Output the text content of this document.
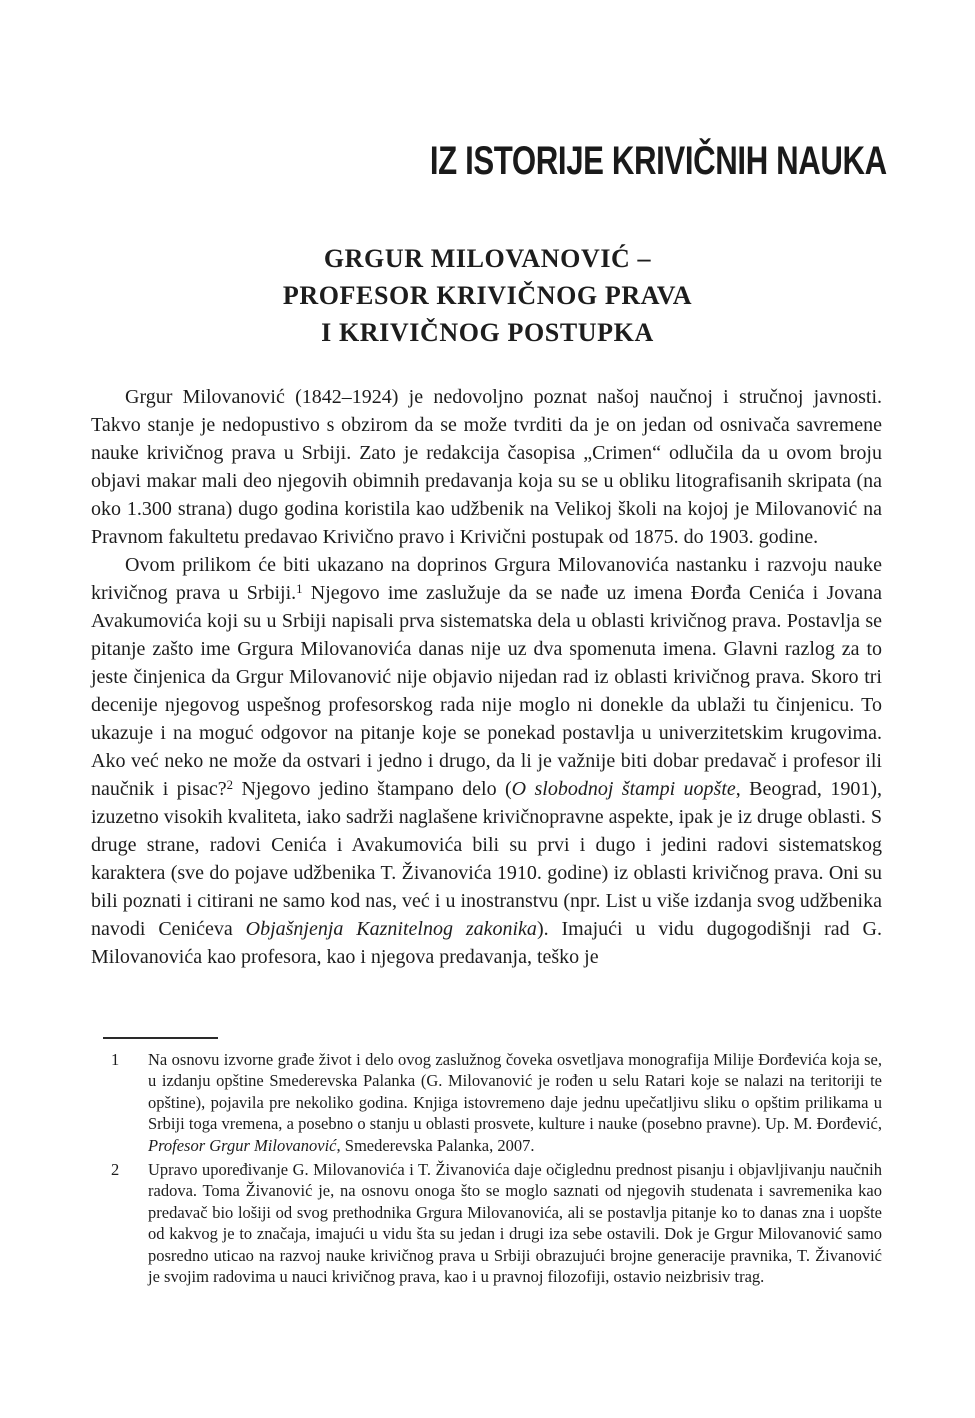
IZ ISTORIJE KRIVIČNIH NAUKA
GRGUR MILOVANOVIĆ –
PROFESOR KRIVIČNOG PRAVA
I KRIVIČNOG POSTUPKA

Grgur Milovanović (1842–1924) je nedovoljno poznat našoj naučnoj i stručnoj javnosti. Takvo stanje je nedopustivo s obzirom da se može tvrditi da je on jedan od osnivača savremene nauke krivičnog prava u Srbiji. Zato je redakcija časopisa „Crimen“ odlučila da u ovom broju objavi makar mali deo njegovih obimnih predavanja koja su se u obliku litografisanih skripata (na oko 1.300 strana) dugo godina koristila kao udžbenik na Velikoj školi na kojoj je Milovanović na Pravnom fakultetu predavao Krivično pravo i Krivični postupak od 1875. do 1903. godine.

Ovom prilikom će biti ukazano na doprinos Grgura Milovanovića nastanku i razvoju nauke krivičnog prava u Srbiji.$^1$ Njegovo ime zaslužuje da se nađe uz imena Đorđa Cenića i Jovana Avakumovića koji su u Srbiji napisali prva sistematska dela u oblasti krivičnog prava. Postavlja se pitanje zašto ime Grgura Milovanovića danas nije uz dva spomenuta imena. Glavni razlog za to jeste činjenica da Grgur Milovanović nije objavio nijedan rad iz oblasti krivičnog prava. Skoro tri decenije njegovog uspešnog profesorskog rada nije moglo ni donekle da ublaži tu činjenicu. To ukazuje i na moguć odgovor na pitanje koje se ponekad postavlja u univerzitetskim krugovima. Ako već neko ne može da ostvari i jedno i drugo, da li je važnije biti dobar predavač i profesor ili naučnik i pisac?$^2$ Njegovo jedino štampano delo (O slobodnoj štampi uopšte, Beograd, 1901), izuzetno visokih kvaliteta, iako sadrži naglašene krivičnopravne aspekte, ipak je iz druge oblasti. S druge strane, radovi Cenića i Avakumovića bili su prvi i dugo i jedini radovi sistematskog karaktera (sve do pojave udžbenika T. Živanovića 1910. godine) iz oblasti krivičnog prava. Oni su bili poznati i citirani ne samo kod nas, već i u inostranstvu (npr. List u više izdanja svog udžbenika navodi Cenićeva Objašnjenja Kaznitelnog zakonika). Imajući u vidu dugogodišnji rad G. Milovanovića kao profesora, kao i njegova predavanja, teško je

1 Na osnovu izvorne građe život i delo ovog zaslužnog čoveka osvetljava monografija Milije Đorđevića koja se, u izdanju opštine Smederevska Palanka (G. Milovanović je rođen u selu Ratari koje se nalazi na teritoriji te opštine), pojavila pre nekoliko godina. Knjiga istovremeno daje jednu upečatljivu sliku o opštim prilikama u Srbiji toga vremena, a posebno o stanju u oblasti prosvete, kulture i nauke (posebno pravne). Up. M. Đorđević, Profesor Grgur Milovanović, Smederevska Palanka, 2007.

2 Upravo upoređivanje G. Milovanovića i T. Živanovića daje očiglednu prednost pisanju i objavljivanju naučnih radova. Toma Živanović je, na osnovu onoga što se moglo saznati od njegovih studenata i savremenika kao predavač bio lošiji od svog prethodnika Grgura Milovanovića, ali se postavlja pitanje ko to danas zna i uopšte od kakvog je to značaja, imajući u vidu šta su jedan i drugi iza sebe ostavili. Dok je Grgur Milovanović samo posredno uticao na razvoj nauke krivičnog prava u Srbiji obrazujući brojne generacije pravnika, T. Živanović je svojim radovima u nauci krivičnog prava, kao i u pravnoj filozofiji, ostavio neizbrisiv trag.
